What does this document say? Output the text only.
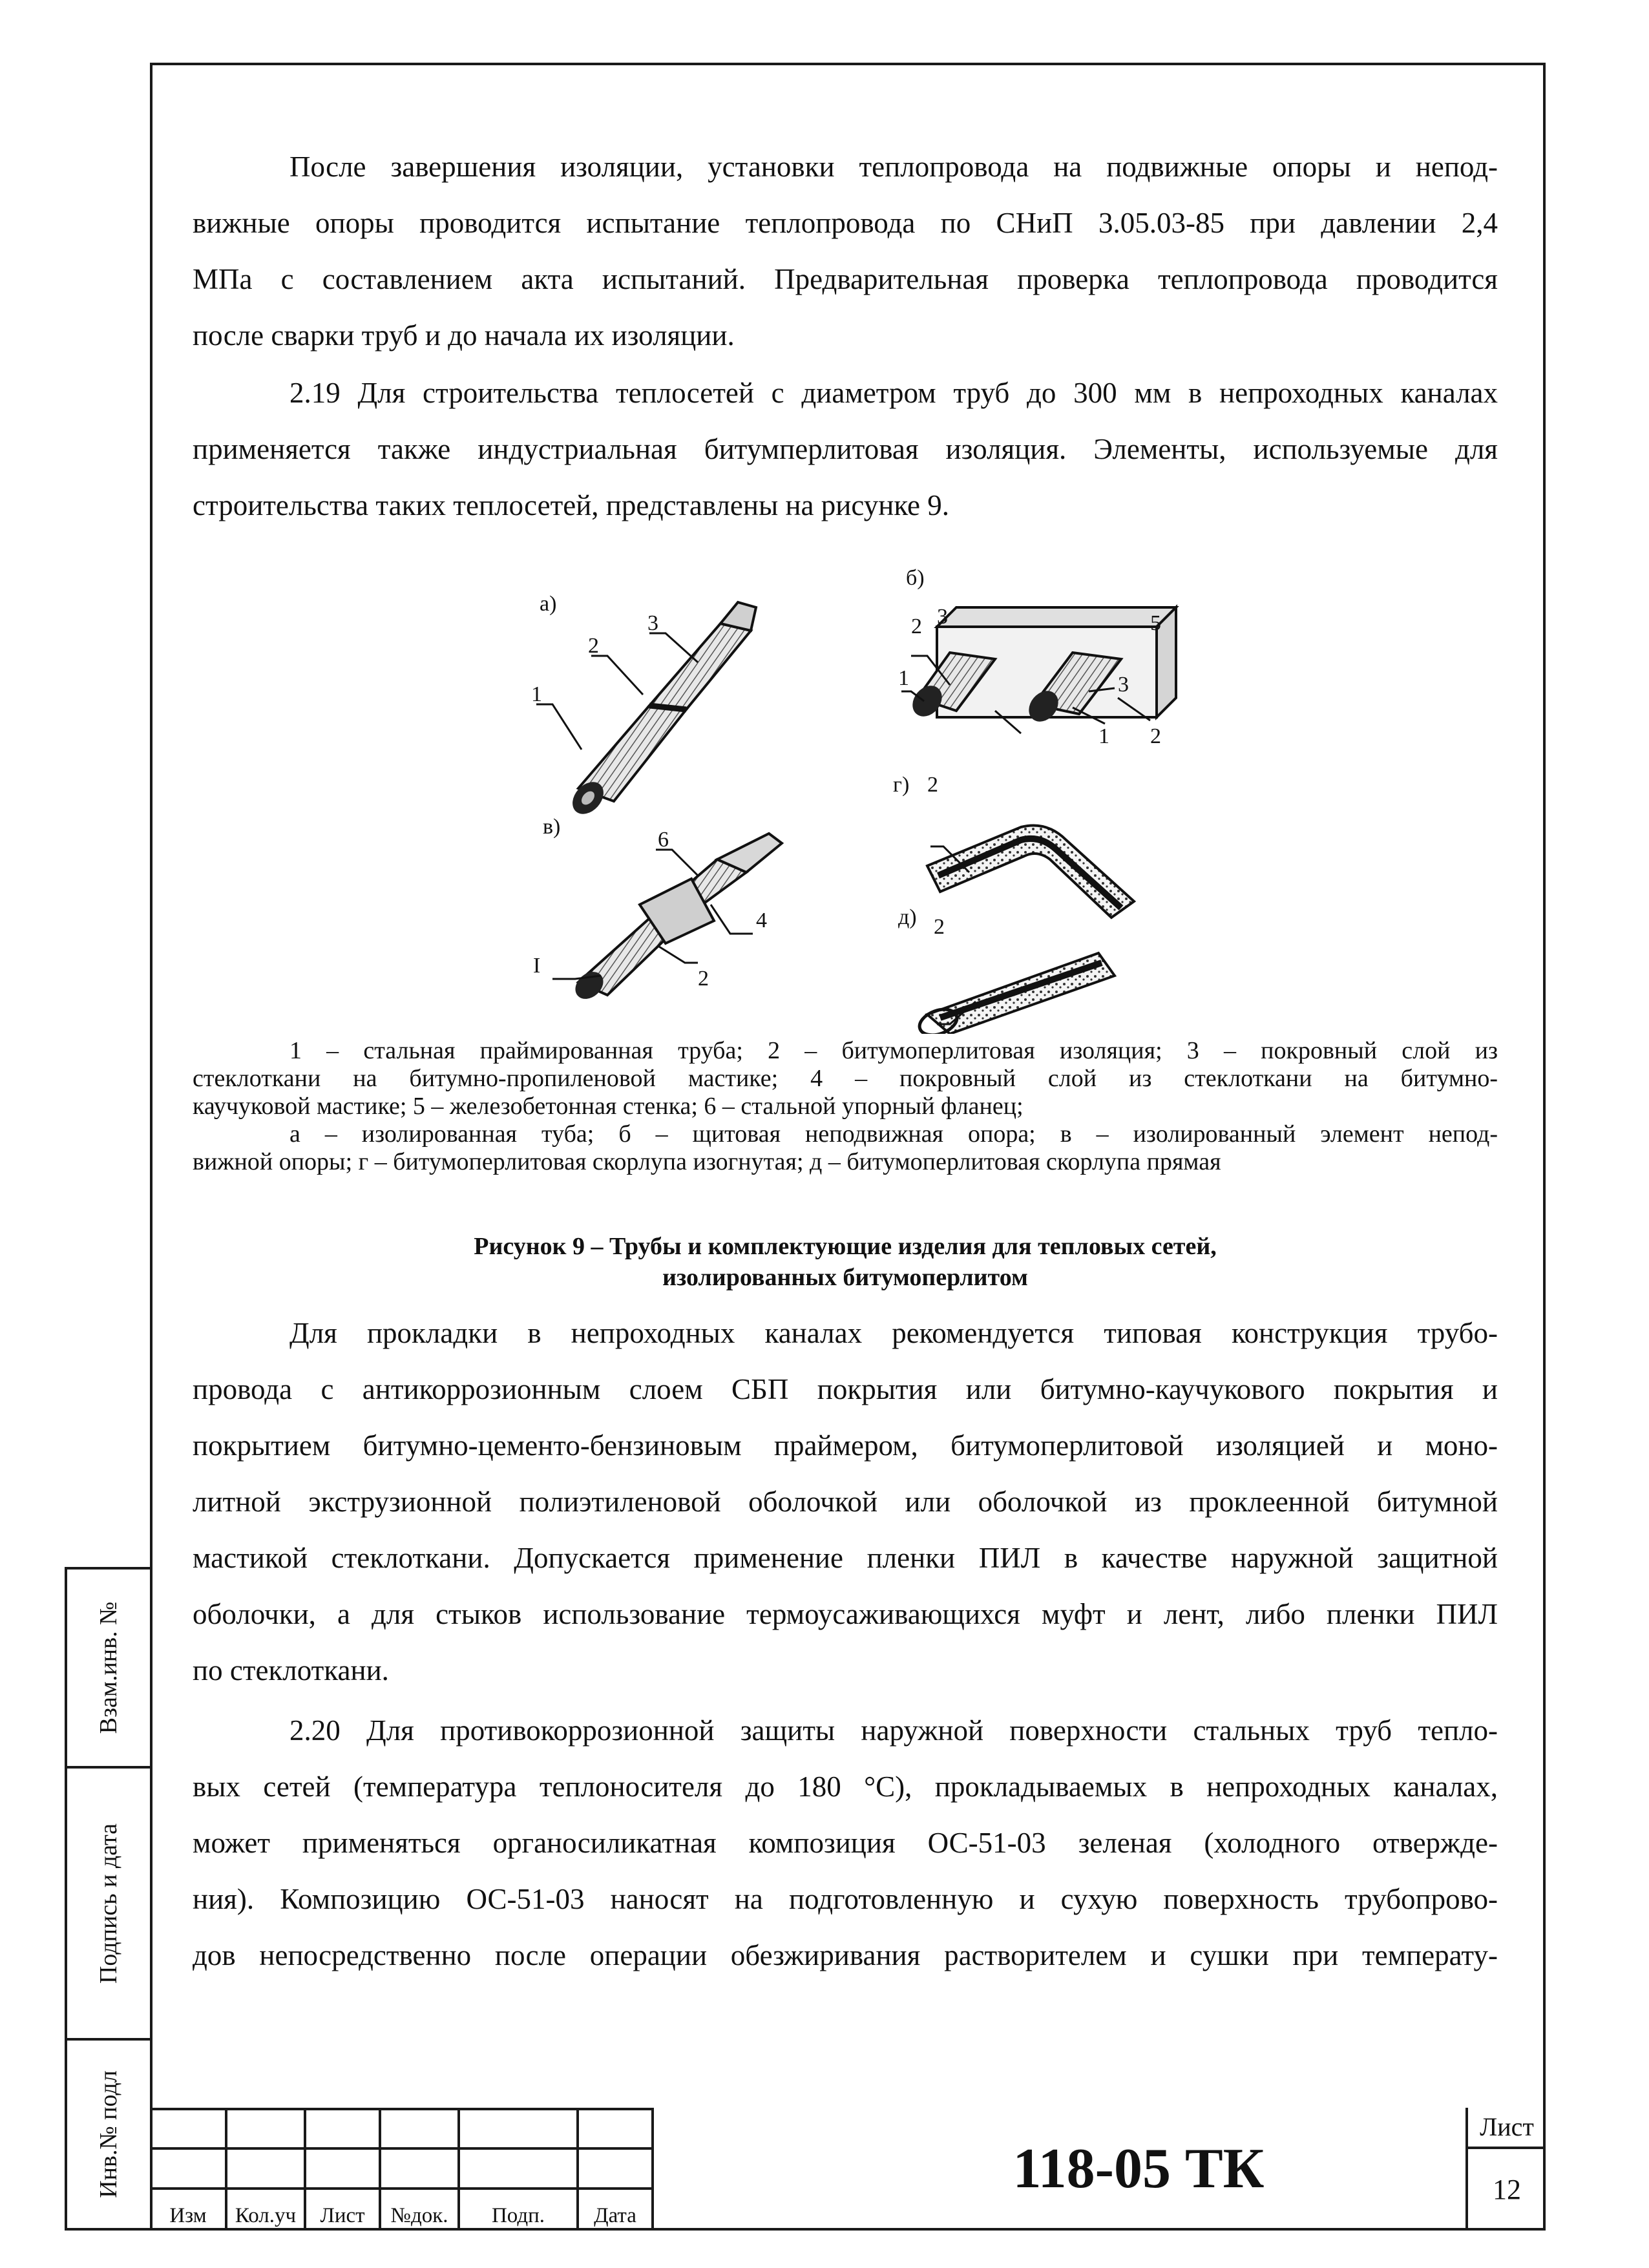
После завершения изоляции, установки теплопровода на подвижные опоры и непод-
вижные опоры проводится испытание теплопровода по СНиП 3.05.03-85 при давлении 2,4
МПа с составлением акта испытаний. Предварительная проверка теплопровода проводится
после сварки труб и до начала их изоляции.
2.19 Для строительства теплосетей с диаметром труб до 300 мм в непроходных каналах
применяется также индустриальная битумперлитовая изоляция. Элементы, используемые для
строительства таких теплосетей, представлены на рисунке 9.
а)
б)
в)
г)
д)
1
2
3	2 3	5
1	3
1 2
6
I
4
2
2
2
1 – стальная праймированная труба; 2 – битумоперлитовая изоляция; 3 – покровный слой из
стеклоткани на битумно-пропиленовой мастике; 4 – покровный слой из стеклоткани на битумно-
каучуковой мастике; 5 – железобетонная стенка; 6 – стальной упорный фланец;
а – изолированная туба; б – щитовая неподвижная опора; в – изолированный элемент непод-
вижной опоры; г – битумоперлитовая скорлупа изогнутая; д – битумоперлитовая скорлупа прямая
Рисунок 9 – Трубы и комплектующие изделия для тепловых сетей,
изолированных битумоперлитом
Для прокладки в непроходных каналах рекомендуется типовая конструкция трубо-
провода с антикоррозионным слоем СБП покрытия или битумно-каучукового покрытия и
покрытием битумно-цементо-бензиновым праймером, битумоперлитовой изоляцией и моно-
литной экструзионной полиэтиленовой оболочкой или оболочкой из проклеенной битумной
мастикой стеклоткани. Допускается применение пленки ПИЛ в качестве наружной защитной
оболочки, а для стыков использование термоусаживающихся муфт и лент, либо пленки ПИЛ
по стеклоткани.
2.20 Для противокоррозионной защиты наружной поверхности стальных труб тепло-
вых сетей (температура теплоносителя до 180 °С), прокладываемых в непроходных каналах,
может применяться органосиликатная композиция ОС-51-03 зеленая (холодного отвержде-
ния). Композицию ОС-51-03 наносят на подготовленную и сухую поверхность трубопрово-
дов непосредственно после операции обезжиривания растворителем и сушки при температу-
Взам.инв. №
Подпись и дата
Инв.№ подл
Изм	Кол.уч	Лист	№док.	Подп.	Дата
118-05 ТК
Лист
12
